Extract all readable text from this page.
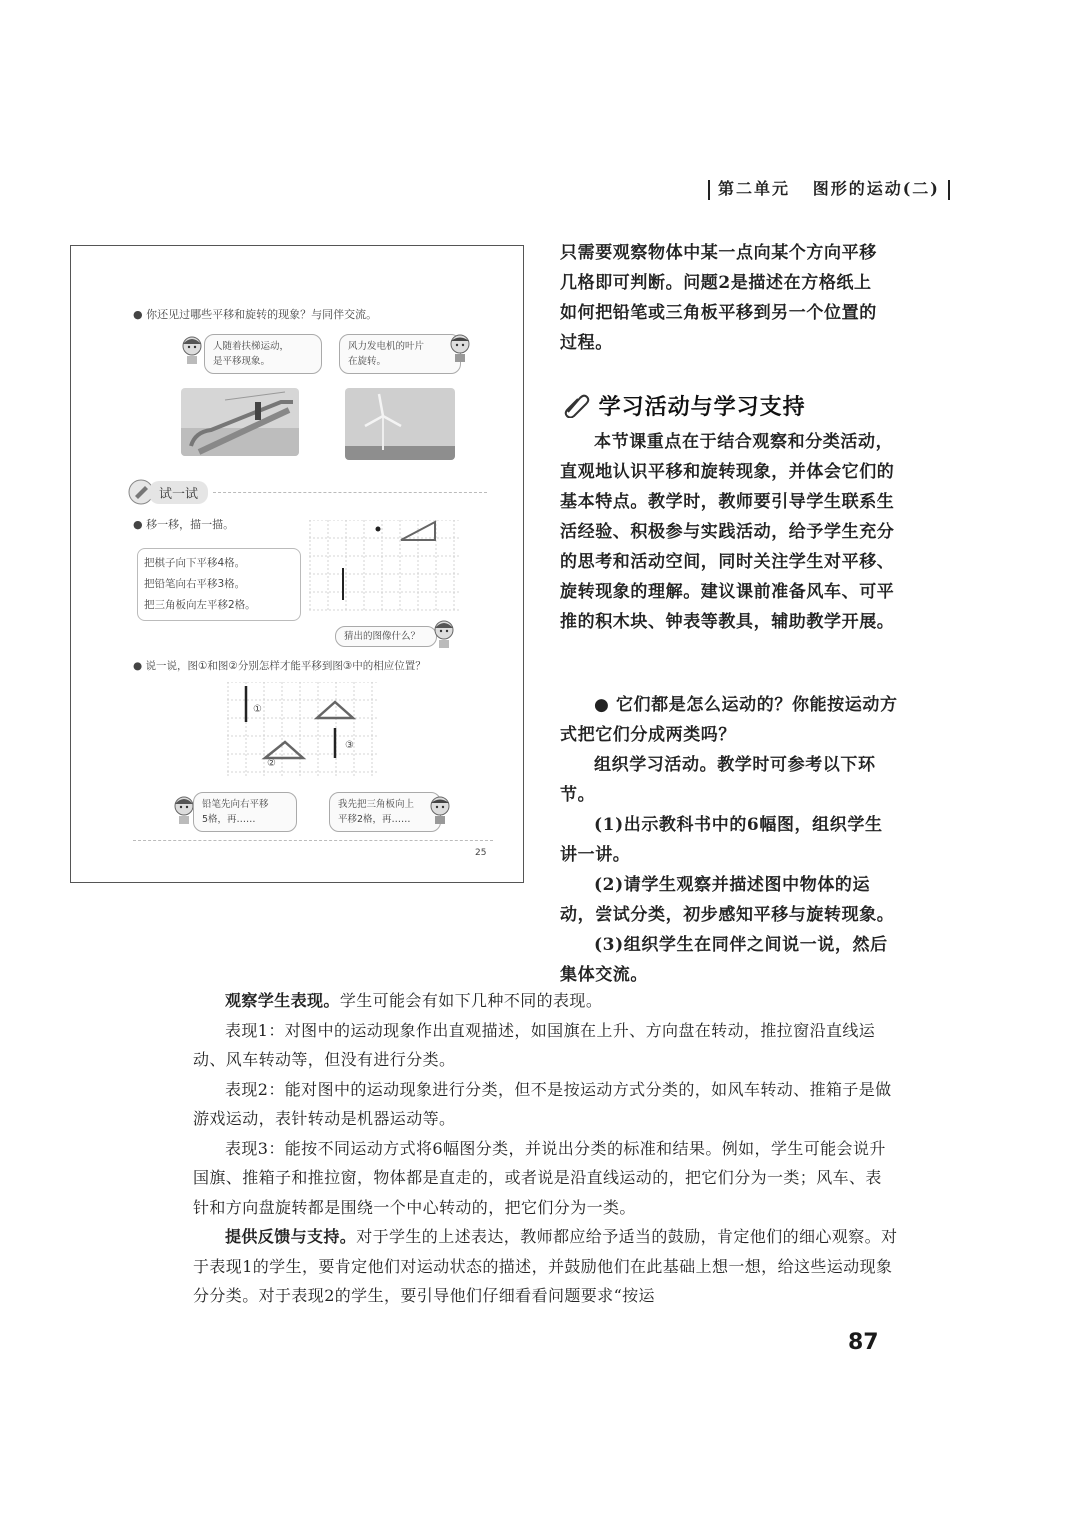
第二单元 图形的运动(二)
● 你还见过哪些平移和旋转的现象？与同伴交流。
人随着扶梯运动，
是平移现象。
风力发电机的叶片
在旋转。
试一试
● 移一移，描一描。
把棋子向下平移4格。
把铅笔向右平移3格。
把三角板向左平移2格。
猜出的图像什么？
● 说一说，图①和图②分别怎样才能平移到图③中的相应位置？
①
②
③
铅笔先向右平移
5格，再……
我先把三角板向上
平移2格，再……
25

只需要观察物体中某一点向某个方向平移

几格即可判断。问题2是描述在方格纸上

如何把铅笔或三角板平移到另一个位置的

过程。

学习活动与学习支持
本节课重点在于结合观察和分类活动，直观地认识平移和旋转现象，并体会它们的基本特点。教学时，教师要引导学生联系生活经验、积极参与实践活动，给予学生充分的思考和活动空间，同时关注学生对平移、旋转现象的理解。建议课前准备风车、可平推的积木块、钟表等教具，辅助教学开展。
● 它们都是怎么运动的？你能按运动方式把它们分成两类吗？
组织学习活动。教学时可参考以下环节。

(1)出示教科书中的6幅图，组织学生讲一讲。

(2)请学生观察并描述图中物体的运动，尝试分类，初步感知平移与旋转现象。

(3)组织学生在同伴之间说一说，然后集体交流。

观察学生表现。学生可能会有如下几种不同的表现。

表现1：对图中的运动现象作出直观描述，如国旗在上升、方向盘在转动，推拉窗沿直线运动、风车转动等，但没有进行分类。

表现2：能对图中的运动现象进行分类，但不是按运动方式分类的，如风车转动、推箱子是做游戏运动，表针转动是机器运动等。

表现3：能按不同运动方式将6幅图分类，并说出分类的标准和结果。例如，学生可能会说升国旗、推箱子和推拉窗，物体都是直走的，或者说是沿直线运动的，把它们分为一类；风车、表针和方向盘旋转都是围绕一个中心转动的，把它们分为一类。

提供反馈与支持。对于学生的上述表达，教师都应给予适当的鼓励，肯定他们的细心观察。对于表现1的学生，要肯定他们对运动状态的描述，并鼓励他们在此基础上想一想，给这些运动现象分分类。对于表现2的学生，要引导他们仔细看看问题要求“按运

87
